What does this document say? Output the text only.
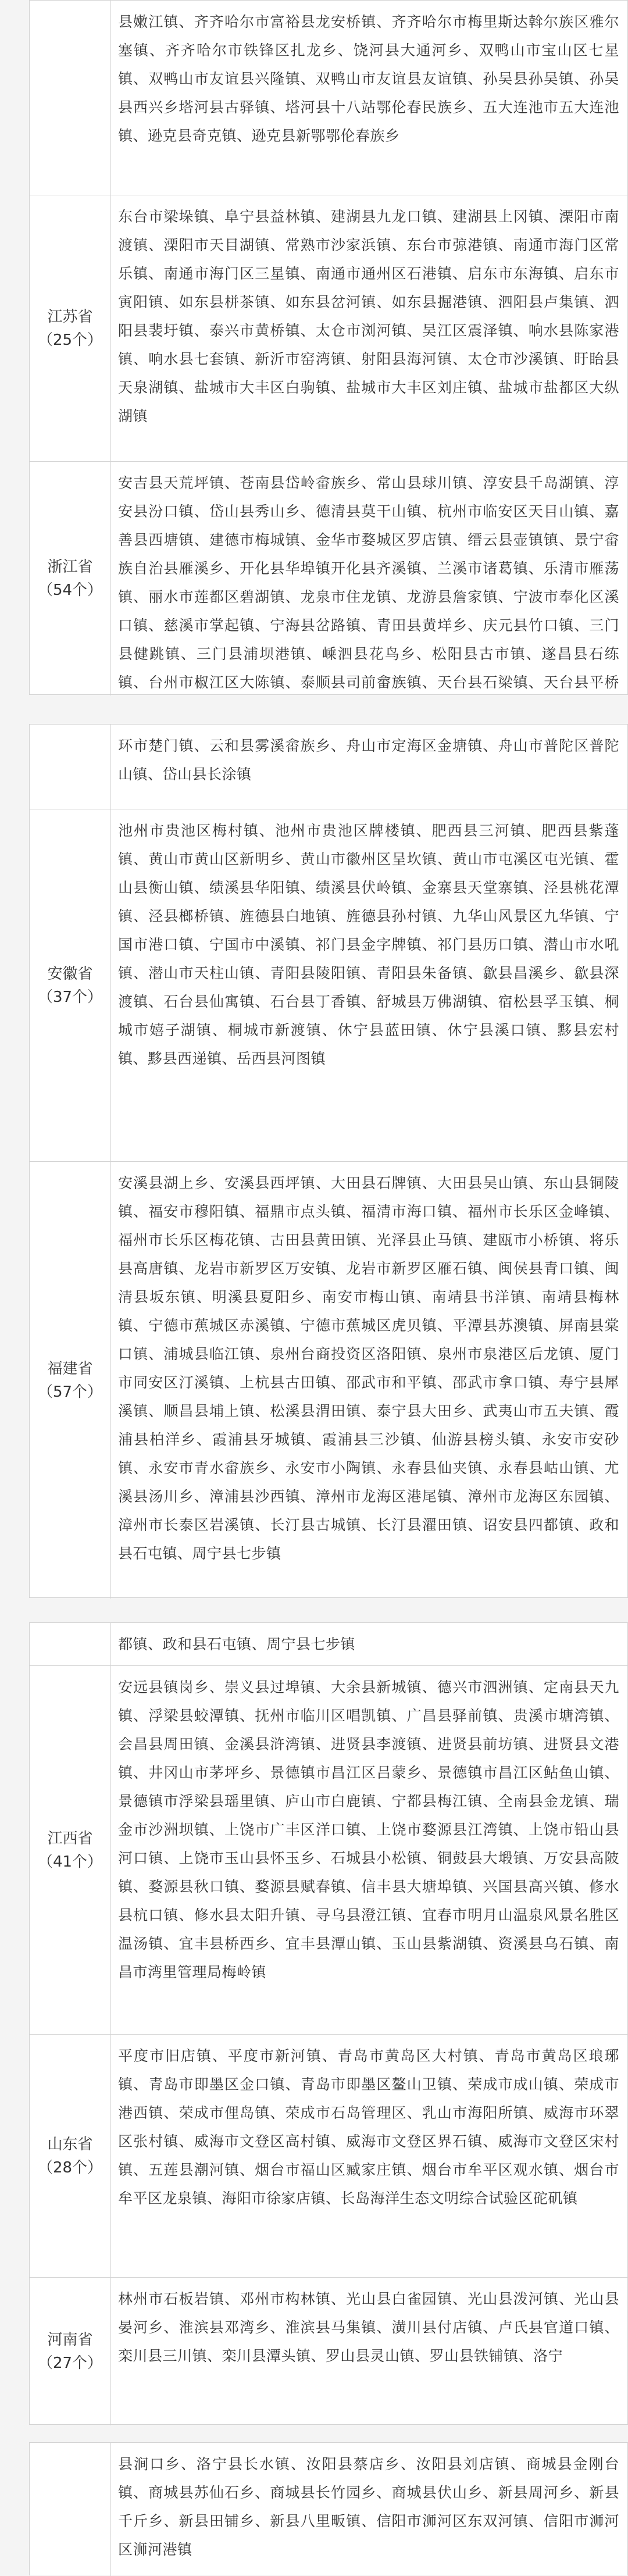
县嫩江镇、齐齐哈尔市富裕县龙安桥镇、齐齐哈尔市梅里斯达斡尔族区雅尔塞镇、齐齐哈尔市铁锋区扎龙乡、饶河县大通河乡、双鸭山市宝山区七星镇、双鸭山市友谊县兴隆镇、双鸭山市友谊县友谊镇、孙吴县孙吴镇、孙吴县西兴乡塔河县古驿镇、塔河县十八站鄂伦春民族乡、五大连池市五大连池镇、逊克县奇克镇、逊克县新鄂鄂伦春族乡
江苏省
（25个）
东台市梁垛镇、阜宁县益林镇、建湖县九龙口镇、建湖县上冈镇、溧阳市南渡镇、溧阳市天目湖镇、常熟市沙家浜镇、东台市弶港镇、南通市海门区常乐镇、南通市海门区三星镇、南通市通州区石港镇、启东市东海镇、启东市寅阳镇、如东县栟茶镇、如东县岔河镇、如东县掘港镇、泗阳县卢集镇、泗阳县裴圩镇、泰兴市黄桥镇、太仓市浏河镇、吴江区震泽镇、响水县陈家港镇、响水县七套镇、新沂市窑湾镇、射阳县海河镇、太仓市沙溪镇、盱眙县天泉湖镇、盐城市大丰区白驹镇、盐城市大丰区刘庄镇、盐城市盐都区大纵湖镇
浙江省
（54个）
安吉县天荒坪镇、苍南县岱岭畲族乡、常山县球川镇、淳安县千岛湖镇、淳安县汾口镇、岱山县秀山乡、德清县莫干山镇、杭州市临安区天目山镇、嘉善县西塘镇、建德市梅城镇、金华市婺城区罗店镇、缙云县壶镇镇、景宁畲族自治县雁溪乡、开化县华埠镇开化县齐溪镇、兰溪市诸葛镇、乐清市雁荡镇、丽水市莲都区碧湖镇、龙泉市住龙镇、龙游县詹家镇、宁波市奉化区溪口镇、慈溪市掌起镇、宁海县岔路镇、青田县黄垟乡、庆元县竹口镇、三门县健跳镇、三门县浦坝港镇、嵊泗县花鸟乡、松阳县古市镇、遂昌县石练镇、台州市椒江区大陈镇、泰顺县司前畲族镇、天台县石梁镇、天台县平桥
环市楚门镇、云和县雾溪畲族乡、舟山市定海区金塘镇、舟山市普陀区普陀山镇、岱山县长涂镇
安徽省
（37个）
池州市贵池区梅村镇、池州市贵池区牌楼镇、肥西县三河镇、肥西县紫蓬镇、黄山市黄山区新明乡、黄山市徽州区呈坎镇、黄山市屯溪区屯光镇、霍山县衡山镇、绩溪县华阳镇、绩溪县伏岭镇、金寨县天堂寨镇、泾县桃花潭镇、泾县榔桥镇、旌德县白地镇、旌德县孙村镇、九华山风景区九华镇、宁国市港口镇、宁国市中溪镇、祁门县金字牌镇、祁门县历口镇、潜山市水吼镇、潜山市天柱山镇、青阳县陵阳镇、青阳县朱备镇、歙县昌溪乡、歙县深渡镇、石台县仙寓镇、石台县丁香镇、舒城县万佛湖镇、宿松县孚玉镇、桐城市嬉子湖镇、桐城市新渡镇、休宁县蓝田镇、休宁县溪口镇、黟县宏村镇、黟县西递镇、岳西县河图镇
福建省
（57个）
安溪县湖上乡、安溪县西坪镇、大田县石牌镇、大田县吴山镇、东山县铜陵镇、福安市穆阳镇、福鼎市点头镇、福清市海口镇、福州市长乐区金峰镇、福州市长乐区梅花镇、古田县黄田镇、光泽县止马镇、建瓯市小桥镇、将乐县高唐镇、龙岩市新罗区万安镇、龙岩市新罗区雁石镇、闽侯县青口镇、闽清县坂东镇、明溪县夏阳乡、南安市梅山镇、南靖县书洋镇、南靖县梅林镇、宁德市蕉城区赤溪镇、宁德市蕉城区虎贝镇、平潭县苏澳镇、屏南县棠口镇、浦城县临江镇、泉州台商投资区洛阳镇、泉州市泉港区后龙镇、厦门市同安区汀溪镇、上杭县古田镇、邵武市和平镇、邵武市拿口镇、寿宁县犀溪镇、顺昌县埔上镇、松溪县渭田镇、泰宁县大田乡、武夷山市五夫镇、霞浦县柏洋乡、霞浦县牙城镇、霞浦县三沙镇、仙游县榜头镇、永安市安砂镇、永安市青水畲族乡、永安市小陶镇、永春县仙夹镇、永春县岵山镇、尤溪县汤川乡、漳浦县沙西镇、漳州市龙海区港尾镇、漳州市龙海区东园镇、漳州市长泰区岩溪镇、长汀县古城镇、长汀县濯田镇、诏安县四都镇、政和县石屯镇、周宁县七步镇
都镇、政和县石屯镇、周宁县七步镇
江西省
（41个）
安远县镇岗乡、崇义县过埠镇、大余县新城镇、德兴市泗洲镇、定南县天九镇、浮梁县蛟潭镇、抚州市临川区唱凯镇、广昌县驿前镇、贵溪市塘湾镇、会昌县周田镇、金溪县浒湾镇、进贤县李渡镇、进贤县前坊镇、进贤县文港镇、井冈山市茅坪乡、景德镇市昌江区吕蒙乡、景德镇市昌江区鲇鱼山镇、景德镇市浮梁县瑶里镇、庐山市白鹿镇、宁都县梅江镇、全南县金龙镇、瑞金市沙洲坝镇、上饶市广丰区洋口镇、上饶市婺源县江湾镇、上饶市铅山县河口镇、上饶市玉山县怀玉乡、石城县小松镇、铜鼓县大塅镇、万安县高陂镇、婺源县秋口镇、婺源县赋春镇、信丰县大塘埠镇、兴国县高兴镇、修水县杭口镇、修水县太阳升镇、寻乌县澄江镇、宜春市明月山温泉风景名胜区温汤镇、宜丰县桥西乡、宜丰县潭山镇、玉山县紫湖镇、资溪县乌石镇、南昌市湾里管理局梅岭镇
山东省
（28个）
平度市旧店镇、平度市新河镇、青岛市黄岛区大村镇、青岛市黄岛区琅琊镇、青岛市即墨区金口镇、青岛市即墨区鳌山卫镇、荣成市成山镇、荣成市港西镇、荣成市俚岛镇、荣成市石岛管理区、乳山市海阳所镇、威海市环翠区张村镇、威海市文登区高村镇、威海市文登区界石镇、威海市文登区宋村镇、五莲县潮河镇、烟台市福山区臧家庄镇、烟台市牟平区观水镇、烟台市牟平区龙泉镇、海阳市徐家店镇、长岛海洋生态文明综合试验区砣矶镇
河南省
（27个）
林州市石板岩镇、邓州市构林镇、光山县白雀园镇、光山县泼河镇、光山县晏河乡、淮滨县邓湾乡、淮滨县马集镇、潢川县付店镇、卢氏县官道口镇、栾川县三川镇、栾川县潭头镇、罗山县灵山镇、罗山县铁铺镇、洛宁
县涧口乡、洛宁县长水镇、汝阳县蔡店乡、汝阳县刘店镇、商城县金刚台镇、商城县苏仙石乡、商城县长竹园乡、商城县伏山乡、新县周河乡、新县千斤乡、新县田铺乡、新县八里畈镇、信阳市浉河区东双河镇、信阳市浉河区浉河港镇
